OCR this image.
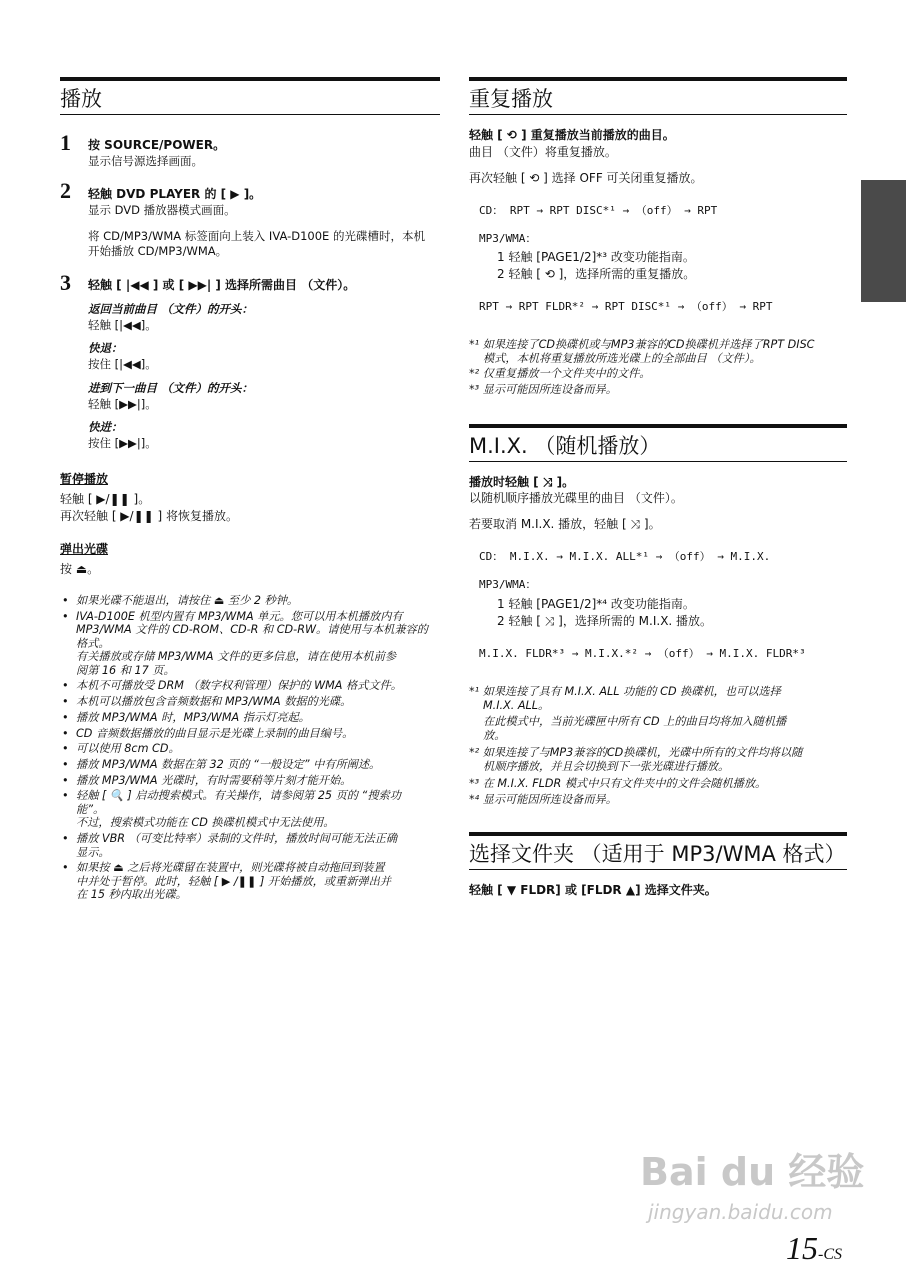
播放
1 按 SOURCE/POWER。
显示信号源选择画面。
2 轻触 DVD PLAYER 的 [ ▶ ]。
显示 DVD 播放器模式画面。
将 CD/MP3/WMA 标签面向上装入 IVA-D100E 的光碟槽时，本机
开始播放 CD/MP3/WMA。
3 轻触 [ |◀◀ ] 或 [ ▶▶| ] 选择所需曲目 （文件）。
返回当前曲目 （文件）的开头：
轻触 [|◀◀]。
快退：
按住 [|◀◀]。
进到下一曲目 （文件）的开头：
轻触 [▶▶|]。
快进：
按住 [▶▶|]。
暂停播放
轻触 [ ▶/❚❚ ]。
再次轻触 [ ▶/❚❚ ] 将恢复播放。
弹出光碟
按 ⏏。
• 如果光碟不能退出，请按住 ⏏ 至少 2 秒钟。
• IVA-D100E 机型内置有 MP3/WMA 单元。您可以用本机播放内有
MP3/WMA 文件的 CD-ROM、CD-R 和 CD-RW。请使用与本机兼容的
格式。
有关播放或存储 MP3/WMA 文件的更多信息，请在使用本机前参
阅第 16 和 17 页。
• 本机不可播放受 DRM （数字权利管理）保护的 WMA 格式文件。
• 本机可以播放包含音频数据和 MP3/WMA 数据的光碟。
• 播放 MP3/WMA 时，MP3/WMA 指示灯亮起。
• CD 音频数据播放的曲目显示是光碟上录制的曲目编号。
• 可以使用 8cm CD。
• 播放 MP3/WMA 数据在第 32 页的 “一般设定” 中有所阐述。
• 播放 MP3/WMA 光碟时，有时需要稍等片刻才能开始。
• 轻触 [ 🔍 ] 启动搜索模式。有关操作，请参阅第 25 页的 “搜索功
能”。
不过，搜索模式功能在 CD 换碟机模式中无法使用。
• 播放 VBR （可变比特率）录制的文件时，播放时间可能无法正确
显示。
• 如果按 ⏏ 之后将光碟留在装置中，则光碟将被自动拖回到装置
中并处于暂停。此时，轻触 [ ▶ /❚❚ ] 开始播放，或重新弹出并
在 15 秒内取出光碟。
重复播放
轻触 [ ⟲ ] 重复播放当前播放的曲目。
曲目 （文件）将重复播放。
再次轻触 [ ⟲ ] 选择 OFF 可关闭重复播放。
CD： RPT → RPT DISC*¹ → （off） → RPT
MP3/WMA：
1 轻触 [PAGE1/2]*³ 改变功能指南。
2 轻触 [ ⟲ ]，选择所需的重复播放。
RPT → RPT FLDR*² → RPT DISC*¹ → （off） → RPT
*¹ 如果连接了CD换碟机或与MP3兼容的CD换碟机并选择了RPT DISC
模式，本机将重复播放所选光碟上的全部曲目 （文件）。
*² 仅重复播放一个文件夹中的文件。
*³ 显示可能因所连设备而异。
M.I.X. （随机播放）
播放时轻触 [ ⤨ ]。
以随机顺序播放光碟里的曲目 （文件）。
若要取消 M.I.X. 播放，轻触 [ ⤨ ]。
CD： M.I.X. → M.I.X. ALL*¹ → （off） → M.I.X.
MP3/WMA：
1 轻触 [PAGE1/2]*⁴ 改变功能指南。
2 轻触 [ ⤨ ]，选择所需的 M.I.X. 播放。
M.I.X. FLDR*³ → M.I.X.*² → （off） → M.I.X. FLDR*³
*¹ 如果连接了具有 M.I.X. ALL 功能的 CD 换碟机，也可以选择
M.I.X. ALL。
在此模式中，当前光碟匣中所有 CD 上的曲目均将加入随机播
放。
*² 如果连接了与MP3兼容的CD换碟机，光碟中所有的文件均将以随
机顺序播放，并且会切换到下一张光碟进行播放。
*³ 在 M.I.X. FLDR 模式中只有文件夹中的文件会随机播放。
*⁴ 显示可能因所连设备而异。
选择文件夹 （适用于 MP3/WMA 格式）
轻触 [ ▼ FLDR] 或 [FLDR ▲] 选择文件夹。
Bai du 经验
jingyan.baidu.com
15-CS
